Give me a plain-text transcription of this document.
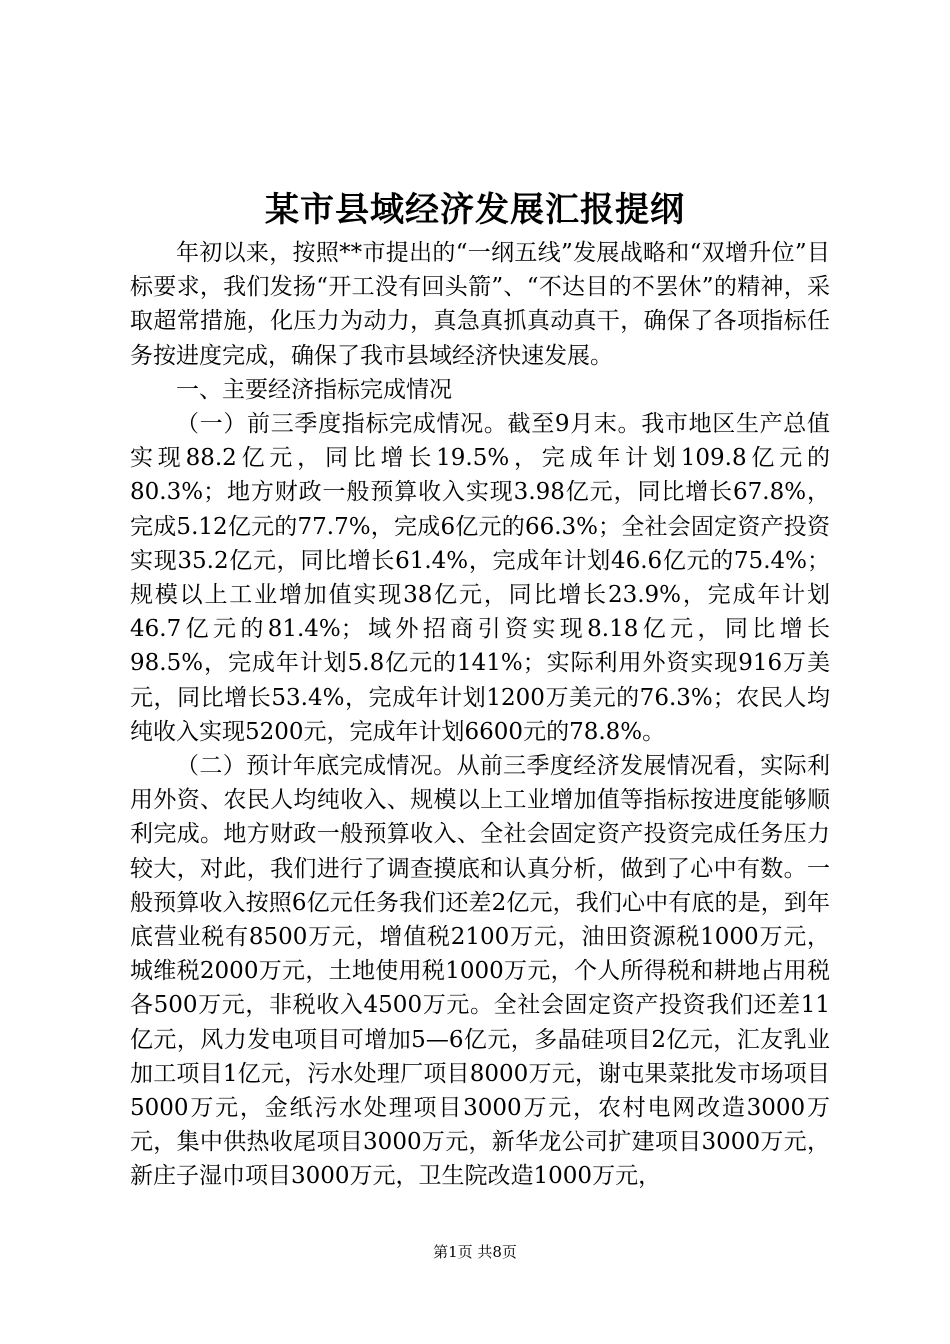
某市县域经济发展汇报提纲

年初以来，按照**市提出的“一纲五线”发展战略和“双增升位”目标要求，我们发扬“开工没有回头箭”、“不达目的不罢休”的精神，采取超常措施，化压力为动力，真急真抓真动真干，确保了各项指标任务按进度完成，确保了我市县域经济快速发展。

一、主要经济指标完成情况

（一）前三季度指标完成情况。截至9月末。我市地区生产总值实现88.2亿元，同比增长19.5%，完成年计划109.8亿元的80.3%；地方财政一般预算收入实现3.98亿元，同比增长67.8%，完成5.12亿元的77.7%，完成6亿元的66.3%；全社会固定资产投资实现35.2亿元，同比增长61.4%，完成年计划46.6亿元的75.4%；规模以上工业增加值实现38亿元，同比增长23.9%，完成年计划46.7亿元的81.4%；域外招商引资实现8.18亿元，同比增长98.5%，完成年计划5.8亿元的141%；实际利用外资实现916万美元，同比增长53.4%，完成年计划1200万美元的76.3%；农民人均纯收入实现5200元，完成年计划6600元的78.8%。

（二）预计年底完成情况。从前三季度经济发展情况看，实际利用外资、农民人均纯收入、规模以上工业增加值等指标按进度能够顺利完成。地方财政一般预算收入、全社会固定资产投资完成任务压力较大，对此，我们进行了调查摸底和认真分析，做到了心中有数。一般预算收入按照6亿元任务我们还差2亿元，我们心中有底的是，到年底营业税有8500万元，增值税2100万元，油田资源税1000万元，城维税2000万元，土地使用税1000万元，个人所得税和耕地占用税各500万元，非税收入4500万元。全社会固定资产投资我们还差11亿元，风力发电项目可增加5—6亿元，多晶硅项目2亿元，汇友乳业加工项目1亿元，污水处理厂项目8000万元，谢屯果菜批发市场项目5000万元，金纸污水处理项目3000万元，农村电网改造3000万元，集中供热收尾项目3000万元，新华龙公司扩建项目3000万元，新庄子湿巾项目3000万元，卫生院改造1000万元，

第1页 共8页
